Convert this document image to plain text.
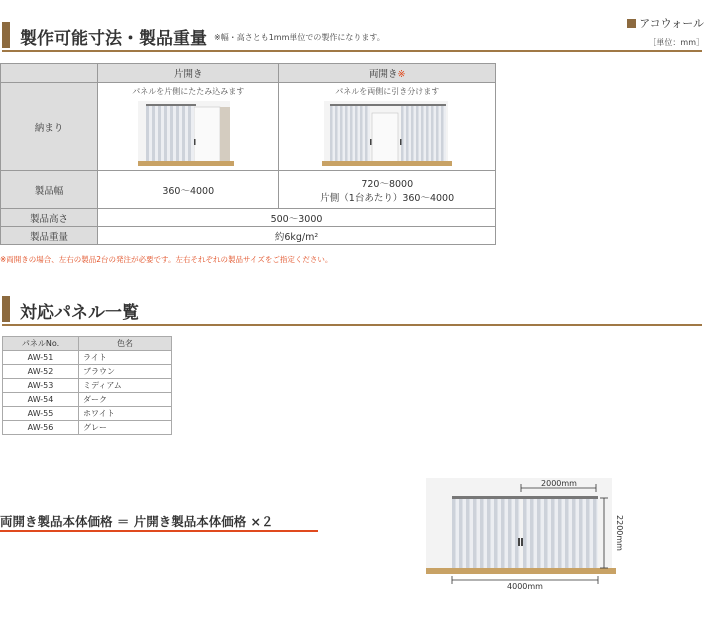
製作可能寸法・製品重量 ※幅・高さとも1mm単位での製作になります。
アコウォール
［単位：mm］
	片開き	両開き※
納まり	パネルを片側にたたみ込みます	パネルを両側に引き分けます

製品幅	360～4000	720～8000
片側（1台あたり）360～4000

製品高さ	500～3000	
製品重量	約6kg/m²	
※両開きの場合、左右の製品2台の発注が必要です。左右それぞれの製品サイズをご指定ください。
対応パネル一覧
パネルNo.	色名
AW-51	ライト
AW-52	ブラウン
AW-53	ミディアム
AW-54	ダーク
AW-55	ホワイト
AW-56	グレー
両開き製品本体価格 ＝ 片開き製品本体価格 ×２
2000mm
2200mm
4000mm
